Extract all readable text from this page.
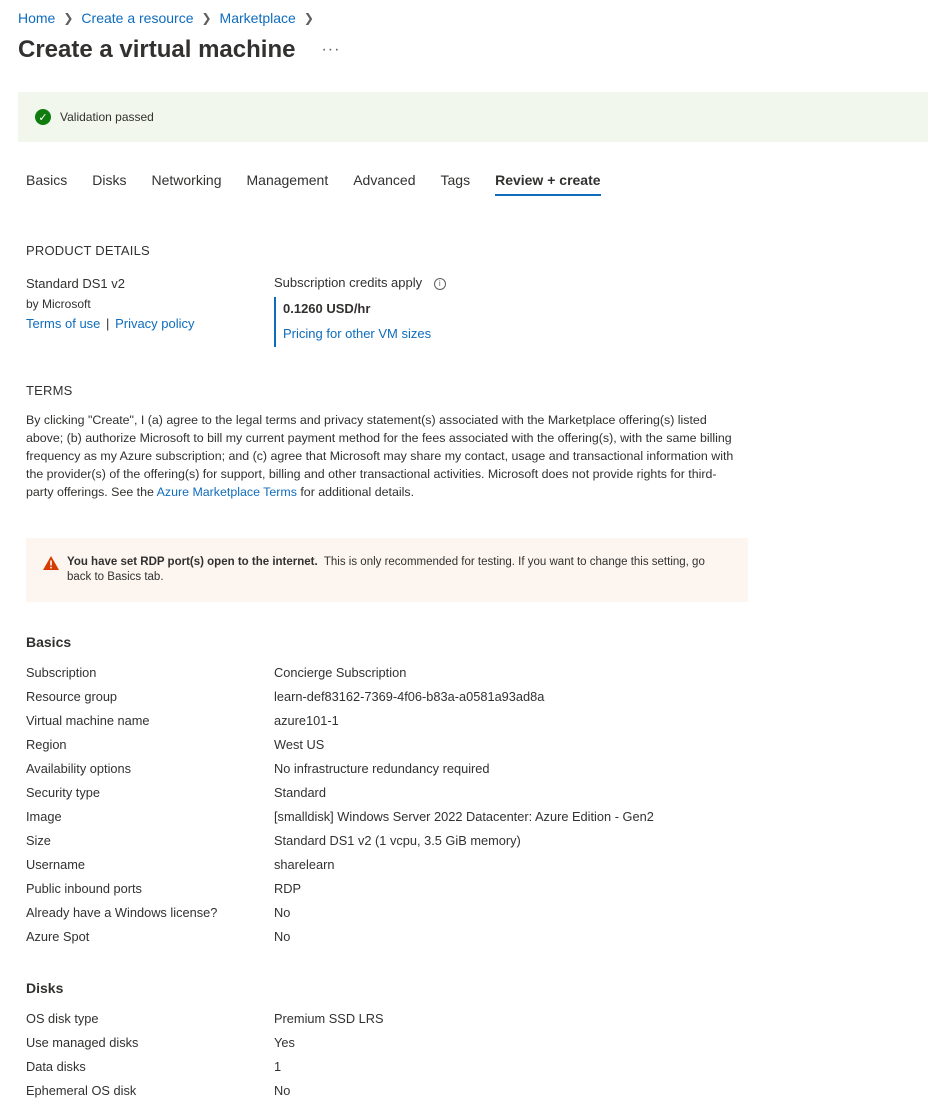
Home ❯ Create a resource ❯ Marketplace ❯
Create a virtual machine ···
✓ Validation passed
Basics Disks Networking Management Advanced Tags Review + create
PRODUCT DETAILS
Standard DS1 v2
by Microsoft
Terms of use | Privacy policy
Subscription credits apply i
0.1260 USD/hr
Pricing for other VM sizes
TERMS
By clicking "Create", I (a) agree to the legal terms and privacy statement(s) associated with the Marketplace offering(s) listed above; (b) authorize Microsoft to bill my current payment method for the fees associated with the offering(s), with the same billing frequency as my Azure subscription; and (c) agree that Microsoft may share my contact, usage and transactional information with the provider(s) of the offering(s) for support, billing and other transactional activities. Microsoft does not provide rights for third-party offerings. See the Azure Marketplace Terms for additional details.
You have set RDP port(s) open to the internet. This is only recommended for testing. If you want to change this setting, go back to Basics tab.
Basics
Subscription	Concierge Subscription
Resource group	learn-def83162-7369-4f06-b83a-a0581a93ad8a
Virtual machine name	azure101-1
Region	West US
Availability options	No infrastructure redundancy required
Security type	Standard
Image	[smalldisk] Windows Server 2022 Datacenter: Azure Edition - Gen2
Size	Standard DS1 v2 (1 vcpu, 3.5 GiB memory)
Username	sharelearn
Public inbound ports	RDP
Already have a Windows license?	No
Azure Spot	No
Disks
OS disk type	Premium SSD LRS
Use managed disks	Yes
Data disks	1
Ephemeral OS disk	No
